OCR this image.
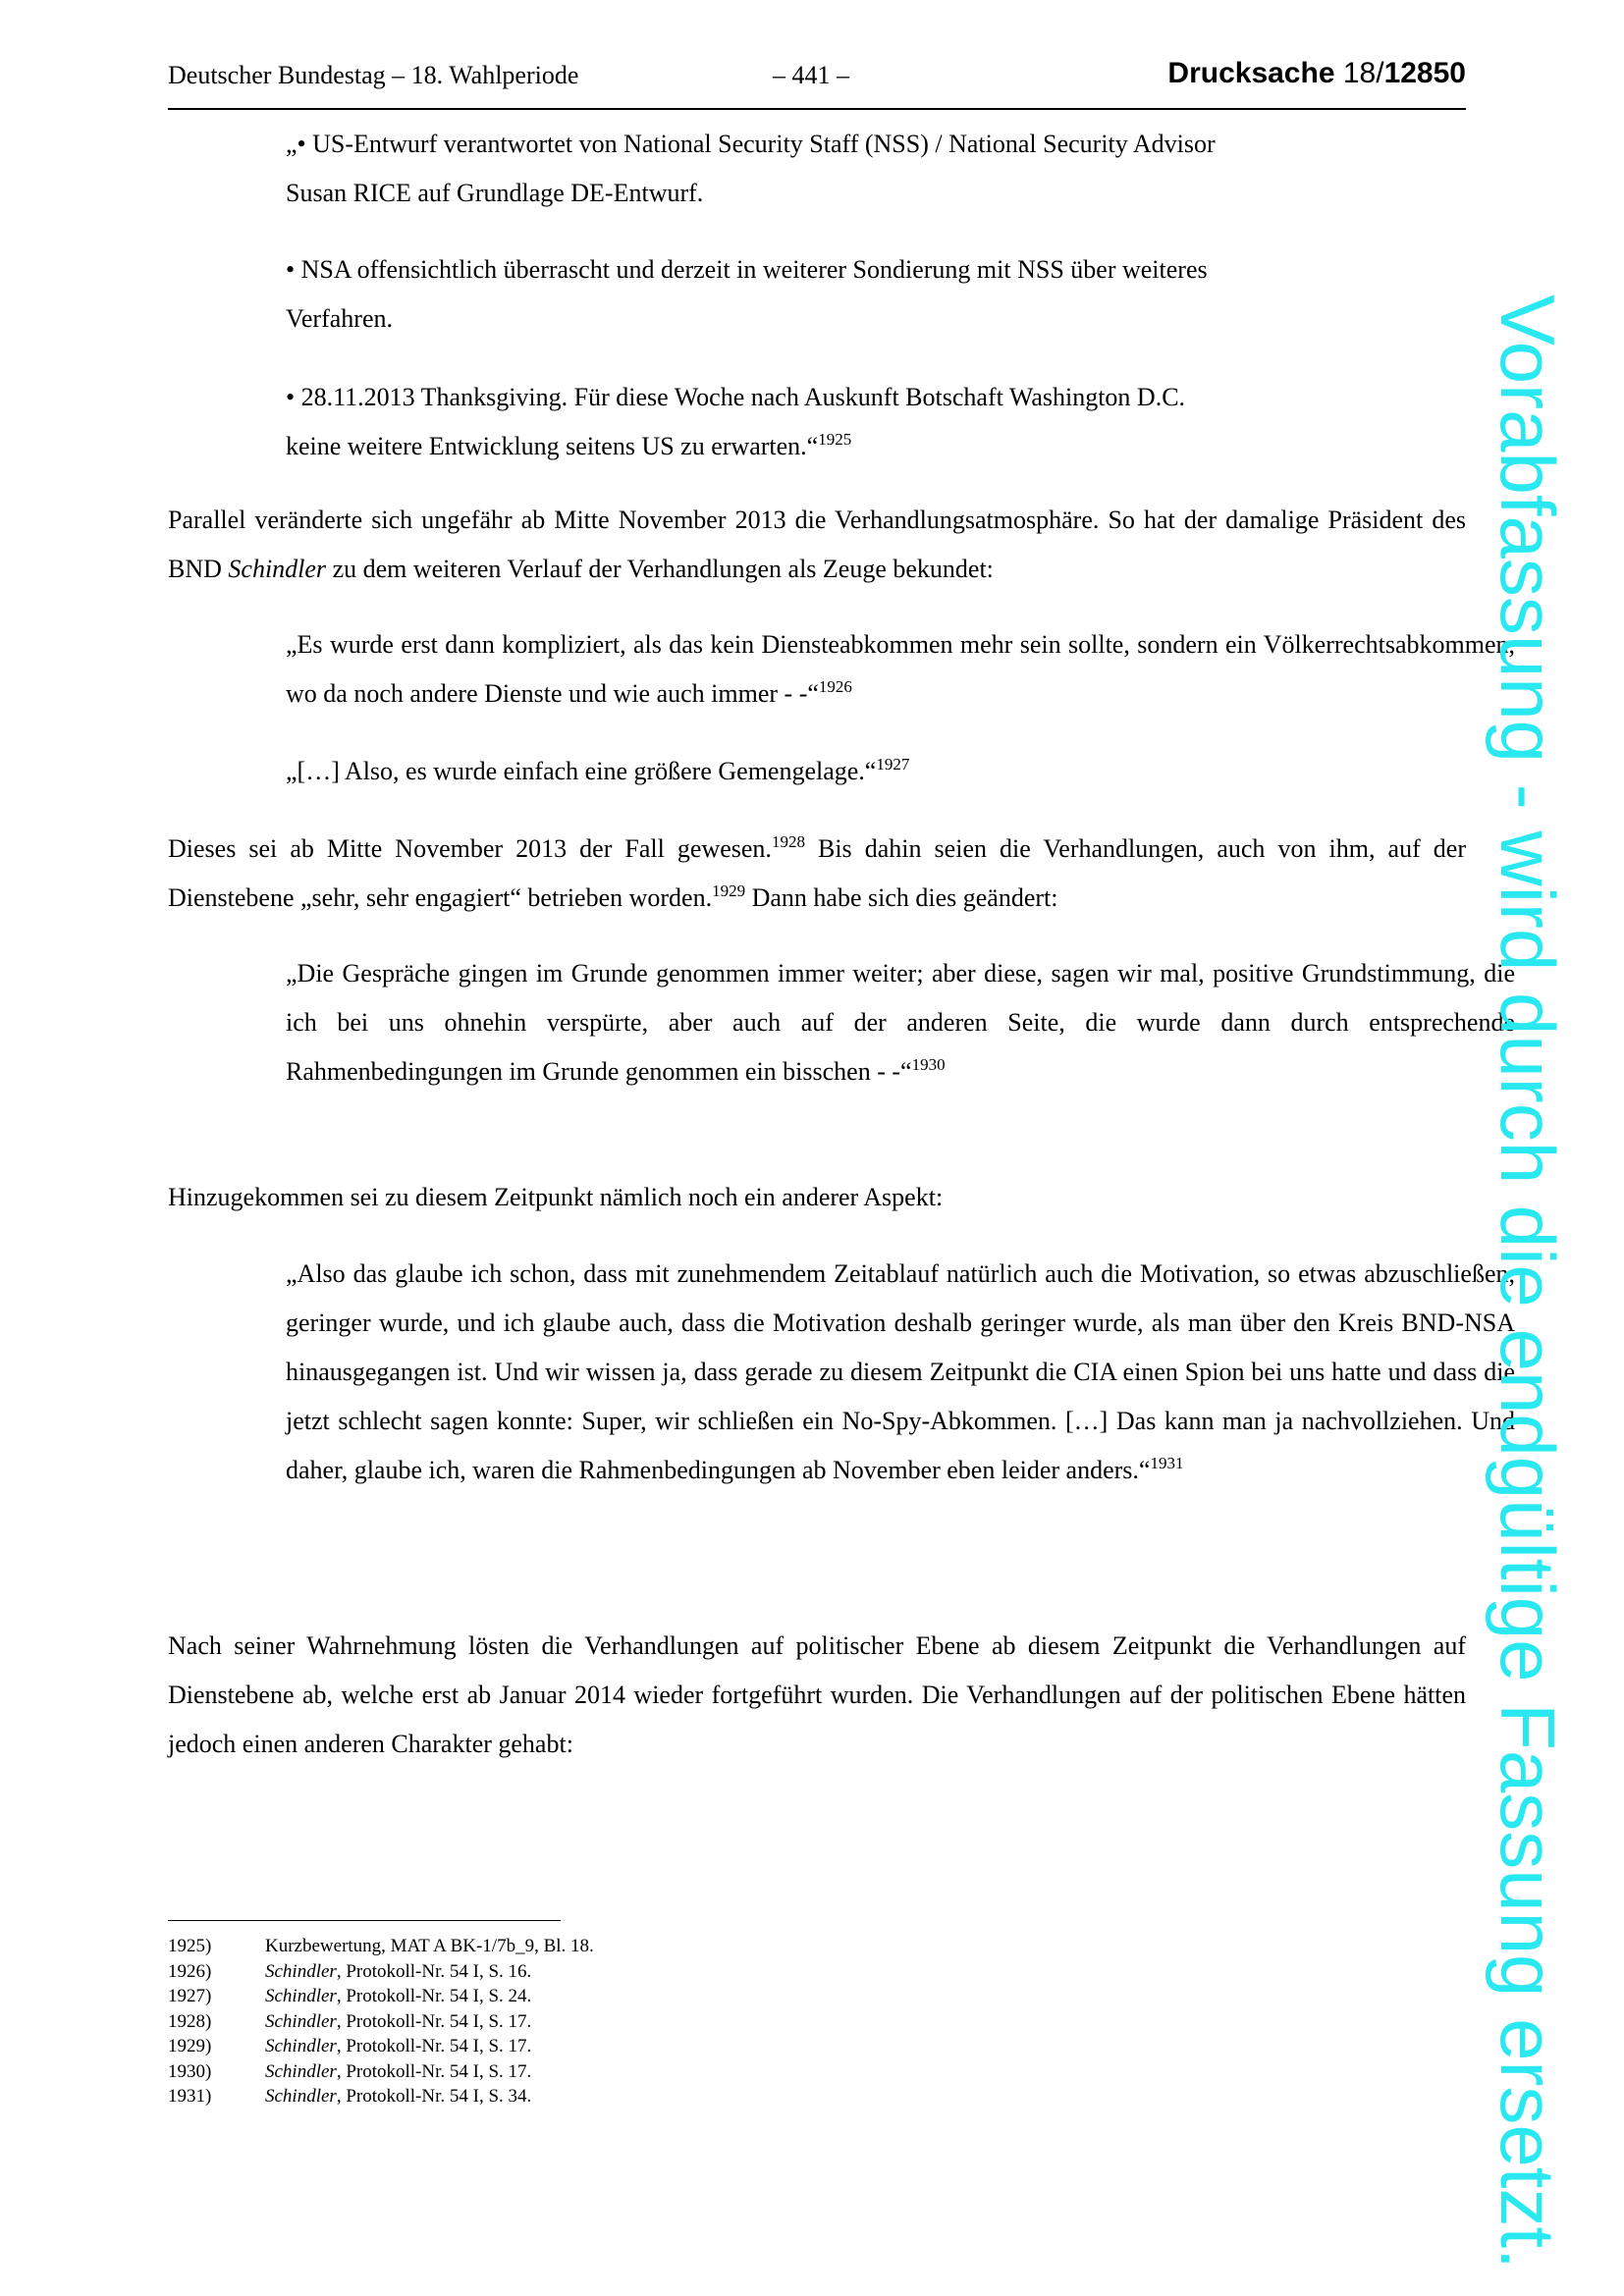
Deutscher Bundestag – 18. Wahlperiode	– 441 –	Drucksache 18/12850
„• US-Entwurf verantwortet von National Security Staff (NSS) / National Security Advisor
Susan RICE auf Grundlage DE-Entwurf.
• NSA offensichtlich überrascht und derzeit in weiterer Sondierung mit NSS über weiteres
Verfahren.
• 28.11.2013 Thanksgiving. Für diese Woche nach Auskunft Botschaft Washington D.C.
keine weitere Entwicklung seitens US zu erwarten.“$^{1925}$
Parallel veränderte sich ungefähr ab Mitte November 2013 die Verhandlungsatmosphäre. So hat der damalige Präsident des BND Schindler zu dem weiteren Verlauf der Verhandlungen als Zeuge bekundet:
„Es wurde erst dann kompliziert, als das kein Diensteabkommen mehr sein sollte, sondern ein Völkerrechtsabkommen, wo da noch andere Dienste und wie auch immer - -“$^{1926}$
„[…] Also, es wurde einfach eine größere Gemengelage.“$^{1927}$
Dieses sei ab Mitte November 2013 der Fall gewesen.$^{1928}$ Bis dahin seien die Verhandlungen, auch von ihm, auf der Dienstebene „sehr, sehr engagiert“ betrieben worden.$^{1929}$ Dann habe sich dies geändert:
„Die Gespräche gingen im Grunde genommen immer weiter; aber diese, sagen wir mal, positive Grundstimmung, die ich bei uns ohnehin verspürte, aber auch auf der anderen Seite, die wurde dann durch entsprechende Rahmenbedingungen im Grunde genommen ein bisschen - -“$^{1930}$
Hinzugekommen sei zu diesem Zeitpunkt nämlich noch ein anderer Aspekt:
„Also das glaube ich schon, dass mit zunehmendem Zeitablauf natürlich auch die Motivation, so etwas abzuschließen, geringer wurde, und ich glaube auch, dass die Motivation deshalb geringer wurde, als man über den Kreis BND-NSA hinausgegangen ist. Und wir wissen ja, dass gerade zu diesem Zeitpunkt die CIA einen Spion bei uns hatte und dass die jetzt schlecht sagen konnte: Super, wir schließen ein No-Spy-Abkommen. […] Das kann man ja nachvollziehen. Und daher, glaube ich, waren die Rahmenbedingungen ab November eben leider anders.“$^{1931}$
Nach seiner Wahrnehmung lösten die Verhandlungen auf politischer Ebene ab diesem Zeitpunkt die Verhandlungen auf Dienstebene ab, welche erst ab Januar 2014 wieder fortgeführt wurden. Die Verhandlungen auf der politischen Ebene hätten jedoch einen anderen Charakter gehabt:
1925)	Kurzbewertung, MAT A BK-1/7b_9, Bl. 18.
1926)	Schindler, Protokoll-Nr. 54 I, S. 16.
1927)	Schindler, Protokoll-Nr. 54 I, S. 24.
1928)	Schindler, Protokoll-Nr. 54 I, S. 17.
1929)	Schindler, Protokoll-Nr. 54 I, S. 17.
1930)	Schindler, Protokoll-Nr. 54 I, S. 17.
1931)	Schindler, Protokoll-Nr. 54 I, S. 34.	Vorabfassung - wird durch die endgültige Fassung ersetzt.
